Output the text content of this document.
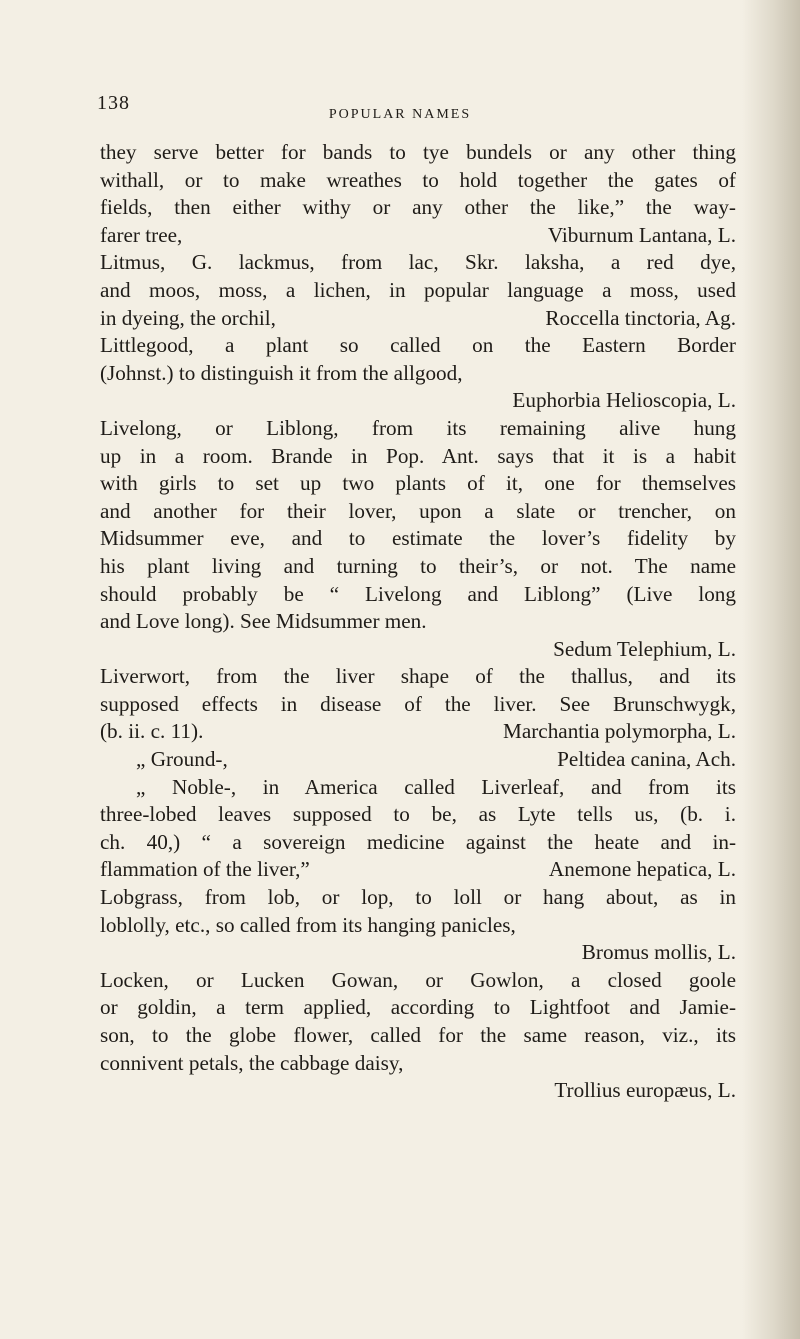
138
POPULAR NAMES
they serve better for bands to tye bundels or any other thing
withall, or to make wreathes to hold together the gates of
fields, then either withy or any other the like,” the way-
farer tree,	Viburnum Lantana, L.
Litmus, G. lackmus, from lac, Skr. laksha, a red dye,
and moos, moss, a lichen, in popular language a moss, used
in dyeing, the orchil,	Roccella tinctoria, Ag.
Littlegood, a plant so called on the Eastern Border
(Johnst.) to distinguish it from the allgood,
Euphorbia Helioscopia, L.
Livelong, or Liblong, from its remaining alive hung
up in a room. Brande in Pop. Ant. says that it is a habit
with girls to set up two plants of it, one for themselves
and another for their lover, upon a slate or trencher, on
Midsummer eve, and to estimate the lover’s fidelity by
his plant living and turning to their’s, or not. The name
should probably be “ Livelong and Liblong” (Live long
and Love long). See Midsummer men.
Sedum Telephium, L.
Liverwort, from the liver shape of the thallus, and its
supposed effects in disease of the liver. See Brunschwygk,
(b. ii. c. 11).	Marchantia polymorpha, L.
„ Ground-,	Peltidea canina, Ach.
„ Noble-, in America called Liverleaf, and from its
three-lobed leaves supposed to be, as Lyte tells us, (b. i.
ch. 40,) “ a sovereign medicine against the heate and in-
flammation of the liver,”	Anemone hepatica, L.
Lobgrass, from lob, or lop, to loll or hang about, as in
loblolly, etc., so called from its hanging panicles,
Bromus mollis, L.
Locken, or Lucken Gowan, or Gowlon, a closed goole
or goldin, a term applied, according to Lightfoot and Jamie-
son, to the globe flower, called for the same reason, viz., its
connivent petals, the cabbage daisy,
Trollius europæus, L.
